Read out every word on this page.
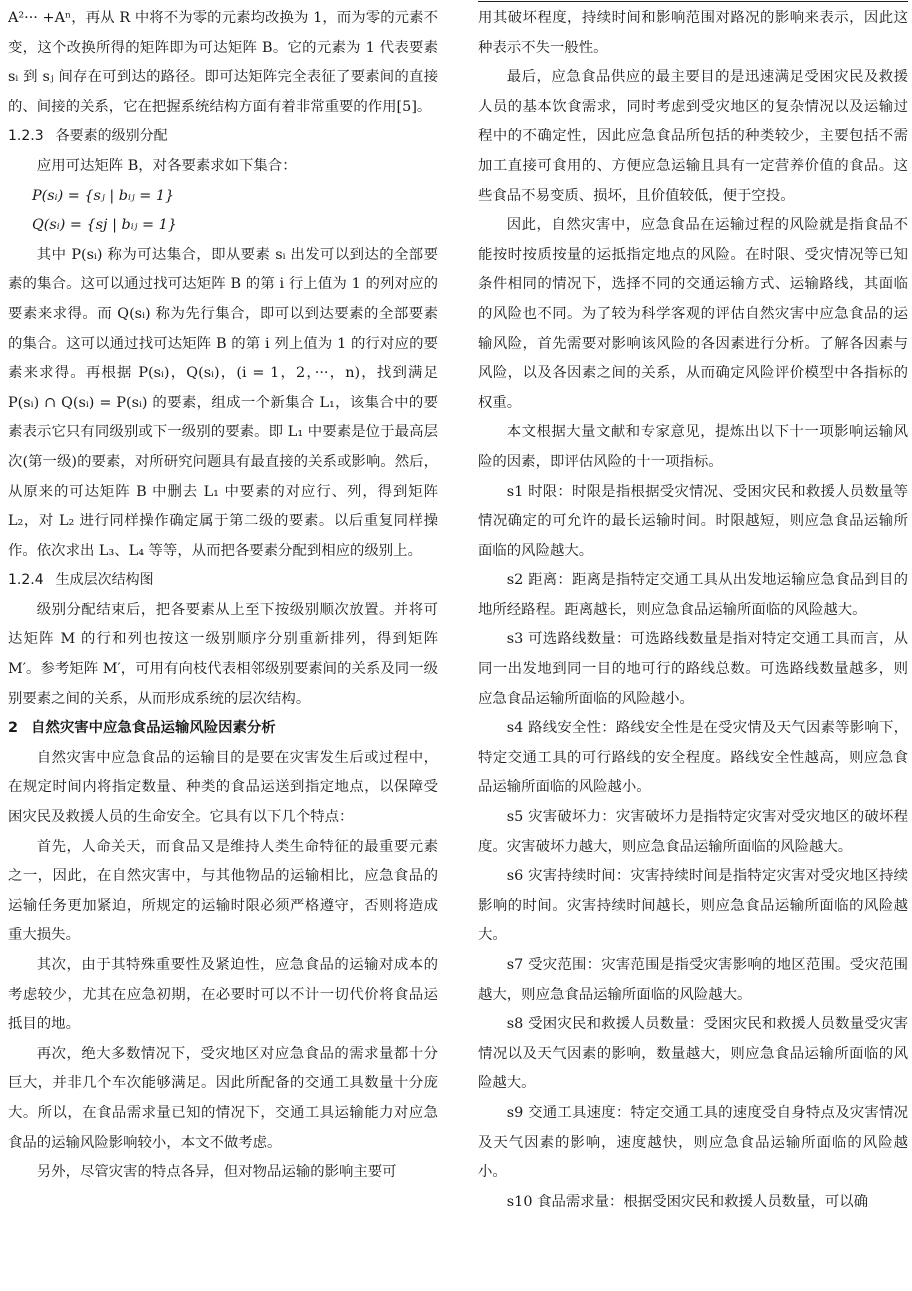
A²··· +Aⁿ，再从 R 中将不为零的元素均改换为 1，而为零的元素不变，这个改换所得的矩阵即为可达矩阵 B。它的元素为 1 代表要素 sᵢ 到 sⱼ 间存在可到达的路径。即可达矩阵完全表征了要素间的直接的、间接的关系，它在把握系统结构方面有着非常重要的作用[5]。

1.2.3 各要素的级别分配

应用可达矩阵 B，对各要素求如下集合：

P(sᵢ) = {sⱼ | bᵢⱼ = 1}

Q(sᵢ) = {sj | bᵢⱼ = 1}

其中 P(sᵢ) 称为可达集合，即从要素 sᵢ 出发可以到达的全部要素的集合。这可以通过找可达矩阵 B 的第 i 行上值为 1 的列对应的要素来求得。而 Q(sᵢ) 称为先行集合，即可以到达要素的全部要素的集合。这可以通过找可达矩阵 B 的第 i 列上值为 1 的行对应的要素来求得。再根据 P(sᵢ)，Q(sᵢ)，(i = 1，2，···，n)，找到满足 P(sᵢ) ∩ Q(sᵢ) = P(sᵢ) 的要素，组成一个新集合 L₁，该集合中的要素表示它只有同级别或下一级别的要素。即 L₁ 中要素是位于最高层次(第一级)的要素，对所研究问题具有最直接的关系或影响。然后，从原来的可达矩阵 B 中删去 L₁ 中要素的对应行、列，得到矩阵 L₂，对 L₂ 进行同样操作确定属于第二级的要素。以后重复同样操作。依次求出 L₃、L₄ 等等，从而把各要素分配到相应的级别上。

1.2.4 生成层次结构图

级别分配结束后，把各要素从上至下按级别顺次放置。并将可达矩阵 M 的行和列也按这一级别顺序分别重新排列，得到矩阵 M′。参考矩阵 M′，可用有向枝代表相邻级别要素间的关系及同一级别要素之间的关系，从而形成系统的层次结构。

2 自然灾害中应急食品运输风险因素分析

自然灾害中应急食品的运输目的是要在灾害发生后或过程中，在规定时间内将指定数量、种类的食品运送到指定地点，以保障受困灾民及救援人员的生命安全。它具有以下几个特点：

首先，人命关天，而食品又是维持人类生命特征的最重要元素之一，因此，在自然灾害中，与其他物品的运输相比，应急食品的运输任务更加紧迫，所规定的运输时限必须严格遵守，否则将造成重大损失。

其次，由于其特殊重要性及紧迫性，应急食品的运输对成本的考虑较少，尤其在应急初期，在必要时可以不计一切代价将食品运抵目的地。

再次，绝大多数情况下，受灾地区对应急食品的需求量都十分巨大，并非几个车次能够满足。因此所配备的交通工具数量十分庞大。所以，在食品需求量已知的情况下，交通工具运输能力对应急食品的运输风险影响较小，本文不做考虑。

另外，尽管灾害的特点各异，但对物品运输的影响主要可

用其破坏程度，持续时间和影响范围对路况的影响来表示，因此这种表示不失一般性。

最后，应急食品供应的最主要目的是迅速满足受困灾民及救援人员的基本饮食需求，同时考虑到受灾地区的复杂情况以及运输过程中的不确定性，因此应急食品所包括的种类较少，主要包括不需加工直接可食用的、方便应急运输且具有一定营养价值的食品。这些食品不易变质、损坏，且价值较低，便于空投。

因此，自然灾害中，应急食品在运输过程的风险就是指食品不能按时按质按量的运抵指定地点的风险。在时限、受灾情况等已知条件相同的情况下，选择不同的交通运输方式、运输路线，其面临的风险也不同。为了较为科学客观的评估自然灾害中应急食品的运输风险，首先需要对影响该风险的各因素进行分析。了解各因素与风险，以及各因素之间的关系，从而确定风险评价模型中各指标的权重。

本文根据大量文献和专家意见，提炼出以下十一项影响运输风险的因素，即评估风险的十一项指标。

s1 时限：时限是指根据受灾情况、受困灾民和救援人员数量等情况确定的可允许的最长运输时间。时限越短，则应急食品运输所面临的风险越大。

s2 距离：距离是指特定交通工具从出发地运输应急食品到目的地所经路程。距离越长，则应急食品运输所面临的风险越大。

s3 可选路线数量：可选路线数量是指对特定交通工具而言，从同一出发地到同一目的地可行的路线总数。可选路线数量越多，则应急食品运输所面临的风险越小。

s4 路线安全性：路线安全性是在受灾情及天气因素等影响下，特定交通工具的可行路线的安全程度。路线安全性越高，则应急食品运输所面临的风险越小。

s5 灾害破坏力：灾害破坏力是指特定灾害对受灾地区的破坏程度。灾害破坏力越大，则应急食品运输所面临的风险越大。

s6 灾害持续时间：灾害持续时间是指特定灾害对受灾地区持续影响的时间。灾害持续时间越长，则应急食品运输所面临的风险越大。

s7 受灾范围：灾害范围是指受灾害影响的地区范围。受灾范围越大，则应急食品运输所面临的风险越大。

s8 受困灾民和救援人员数量：受困灾民和救援人员数量受灾害情况以及天气因素的影响，数量越大，则应急食品运输所面临的风险越大。

s9 交通工具速度：特定交通工具的速度受自身特点及灾害情况及天气因素的影响，速度越快，则应急食品运输所面临的风险越小。

s10 食品需求量：根据受困灾民和救援人员数量，可以确
